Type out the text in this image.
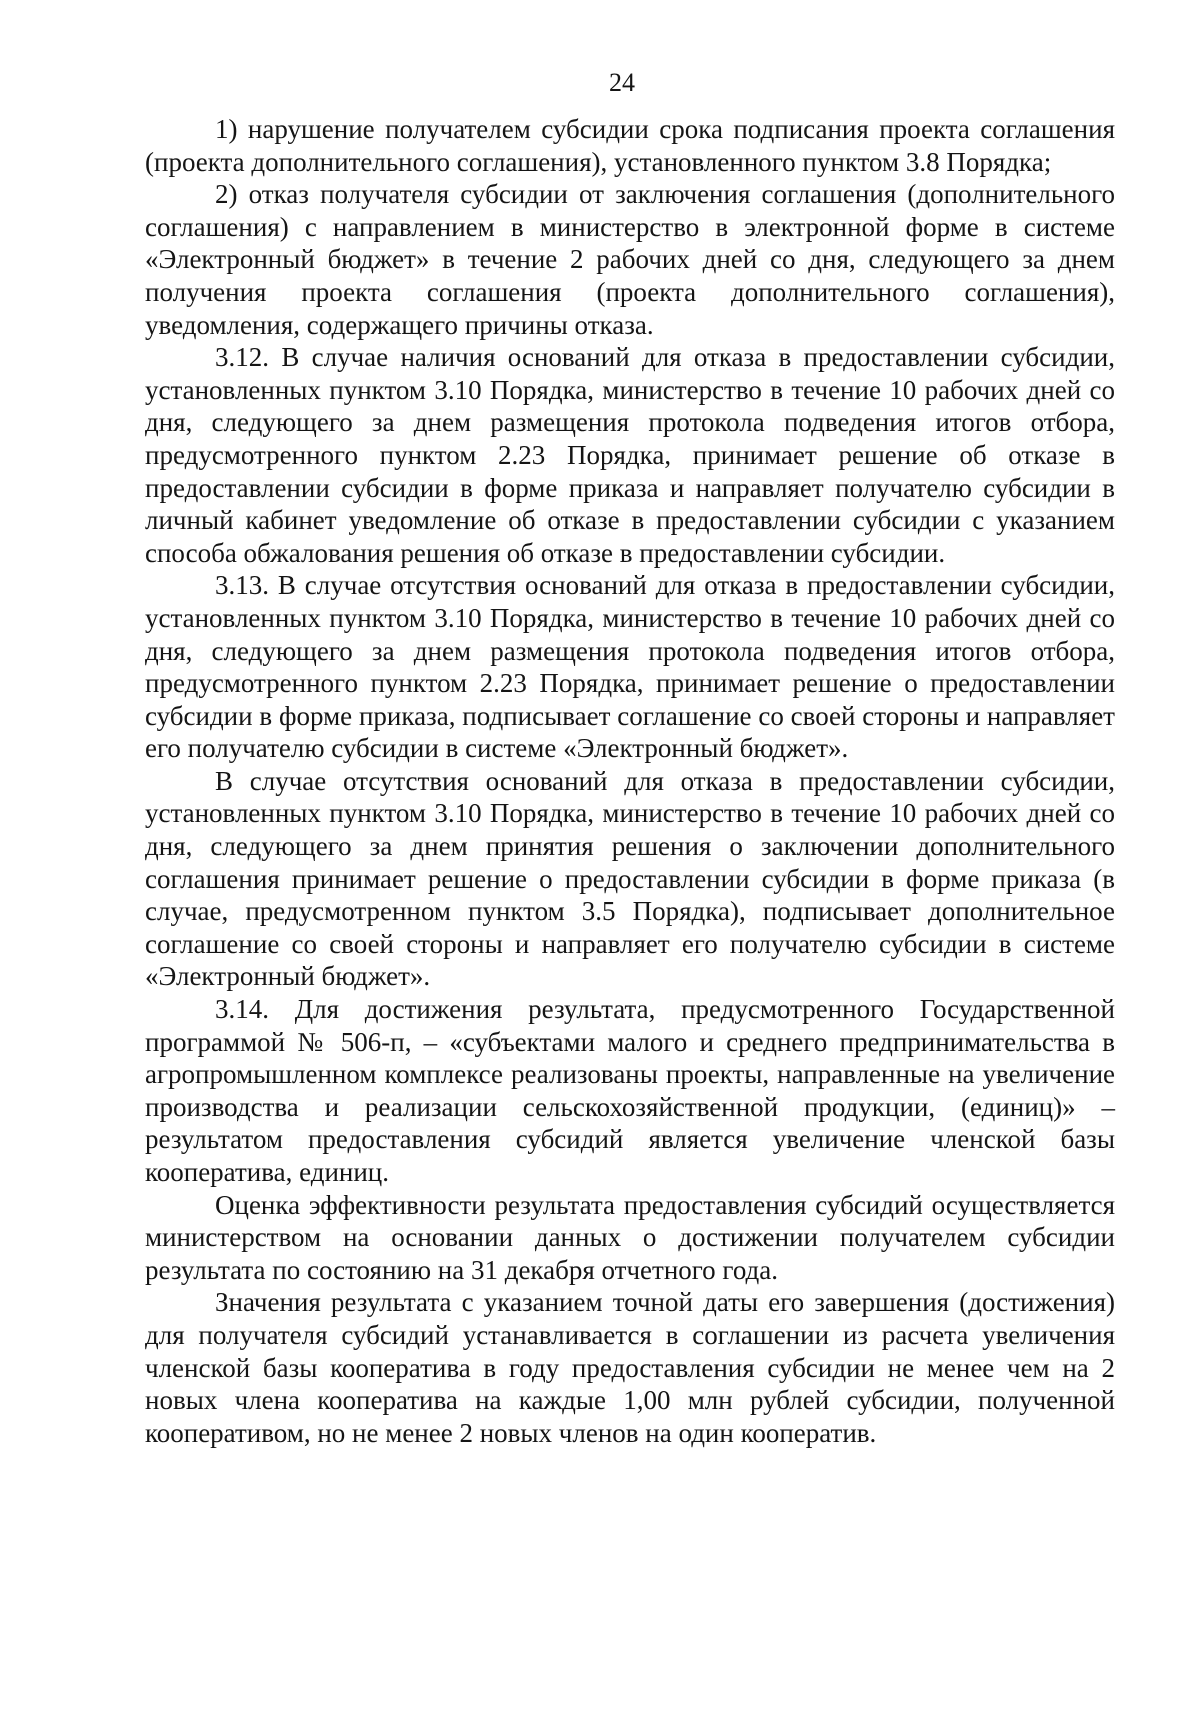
24

1) нарушение получателем субсидии срока подписания проекта соглашения (проекта дополнительного соглашения), установленного пунктом 3.8 Порядка;

2) отказ получателя субсидии от заключения соглашения (дополнительного соглашения) с направлением в министерство в электронной форме в системе «Электронный бюджет» в течение 2 рабочих дней со дня, следующего за днем получения проекта соглашения (проекта дополнительного соглашения), уведомления, содержащего причины отказа.

3.12. В случае наличия оснований для отказа в предоставлении субсидии, установленных пунктом 3.10 Порядка, министерство в течение 10 рабочих дней со дня, следующего за днем размещения протокола подведения итогов отбора, предусмотренного пунктом 2.23 Порядка, принимает решение об отказе в предоставлении субсидии в форме приказа и направляет получателю субсидии в личный кабинет уведомление об отказе в предоставлении субсидии с указанием способа обжалования решения об отказе в предоставлении субсидии.

3.13. В случае отсутствия оснований для отказа в предоставлении субсидии, установленных пунктом 3.10 Порядка, министерство в течение 10 рабочих дней со дня, следующего за днем размещения протокола подведения итогов отбора, предусмотренного пунктом 2.23 Порядка, принимает решение о предоставлении субсидии в форме приказа, подписывает соглашение со своей стороны и направляет его получателю субсидии в системе «Электронный бюджет».

В случае отсутствия оснований для отказа в предоставлении субсидии, установленных пунктом 3.10 Порядка, министерство в течение 10 рабочих дней со дня, следующего за днем принятия решения о заключении дополнительного соглашения принимает решение о предоставлении субсидии в форме приказа (в случае, предусмотренном пунктом 3.5 Порядка), подписывает дополнительное соглашение со своей стороны и направляет его получателю субсидии в системе «Электронный бюджет».

3.14. Для достижения результата, предусмотренного Государственной программой № 506-п, – «субъектами малого и среднего предпринимательства в агропромышленном комплексе реализованы проекты, направленные на увеличение производства и реализации сельскохозяйственной продукции, (единиц)» – результатом предоставления субсидий является увеличение членской базы кооператива, единиц.

Оценка эффективности результата предоставления субсидий осуществляется министерством на основании данных о достижении получателем субсидии результата по состоянию на 31 декабря отчетного года.

Значения результата с указанием точной даты его завершения (достижения) для получателя субсидий устанавливается в соглашении из расчета увеличения членской базы кооператива в году предоставления субсидии не менее чем на 2 новых члена кооператива на каждые 1,00 млн рублей субсидии, полученной кооперативом, но не менее 2 новых членов на один кооператив.
